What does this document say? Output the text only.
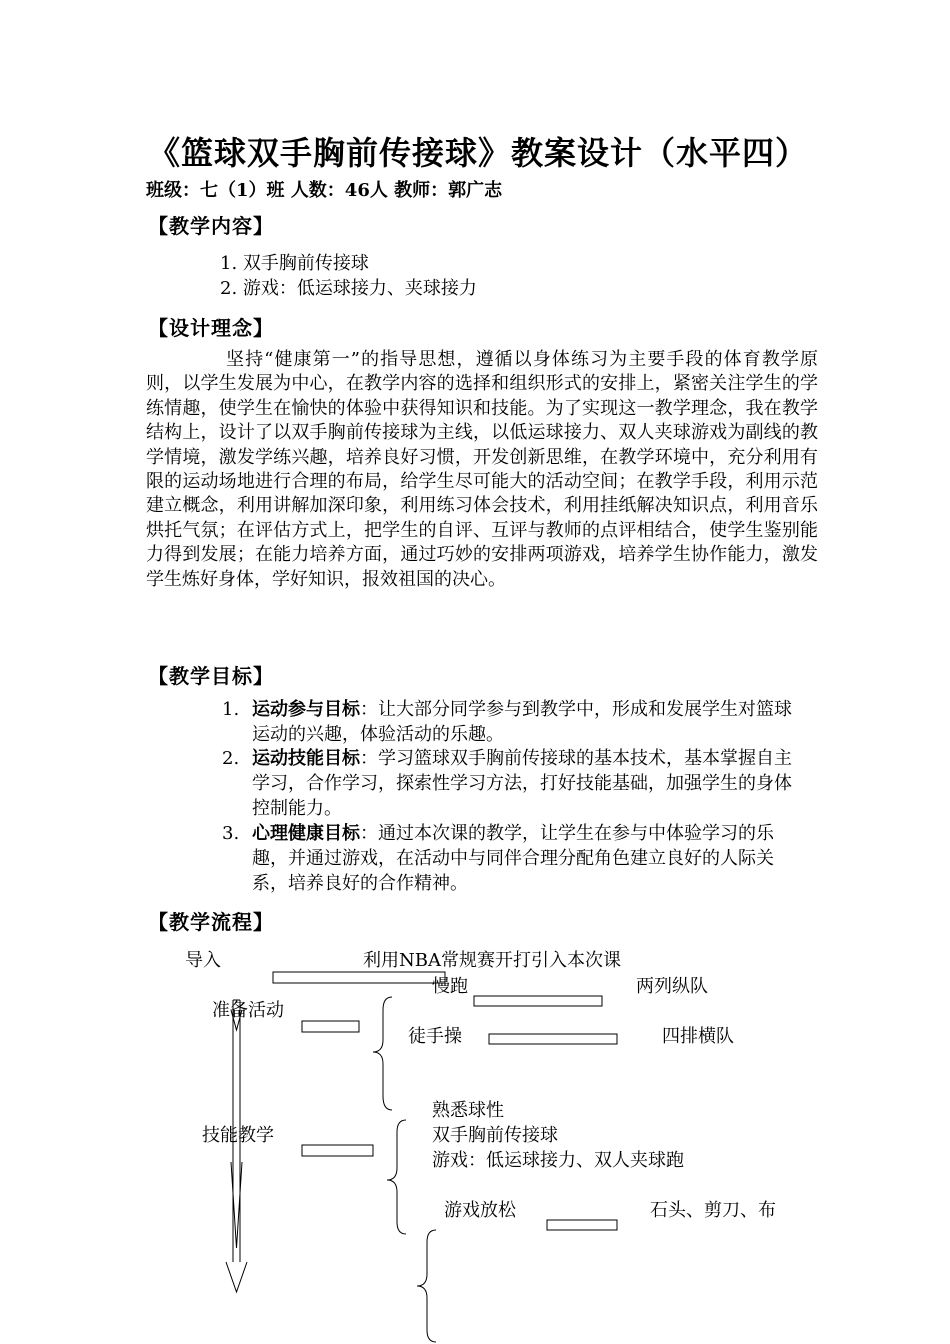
《篮球双手胸前传接球》教案设计（水平四）
班级：七（1）班 人数：46人 教师：郭广志
【教学内容】
1. 双手胸前传接球
2. 游戏：低运球接力、夹球接力
【设计理念】
坚持“健康第一”的指导思想，遵循以身体练习为主要手段的体育教学原则，以学生发展为中心，在教学内容的选择和组织形式的安排上，紧密关注学生的学练情趣，使学生在愉快的体验中获得知识和技能。为了实现这一教学理念，我在教学结构上，设计了以双手胸前传接球为主线，以低运球接力、双人夹球游戏为副线的教学情境，激发学练兴趣，培养良好习惯，开发创新思维，在教学环境中，充分利用有限的运动场地进行合理的布局，给学生尽可能大的活动空间；在教学手段，利用示范建立概念，利用讲解加深印象，利用练习体会技术，利用挂纸解决知识点，利用音乐烘托气氛；在评估方式上，把学生的自评、互评与教师的点评相结合，使学生鉴别能力得到发展；在能力培养方面，通过巧妙的安排两项游戏，培养学生协作能力，激发学生炼好身体，学好知识，报效祖国的决心。
【教学目标】
1. 运动参与目标：让大部分同学参与到教学中，形成和发展学生对篮球运动的兴趣，体验活动的乐趣。
2. 运动技能目标：学习篮球双手胸前传接球的基本技术，基本掌握自主学习，合作学习，探索性学习方法，打好技能基础，加强学生的身体控制能力。
3. 心理健康目标：通过本次课的教学，让学生在参与中体验学习的乐趣，并通过游戏，在活动中与同伴合理分配角色建立良好的人际关系，培养良好的合作精神。
【教学流程】
导入	利用NBA常规赛开打引入本次课
准备活动
慢跑	两列纵队
徒手操	四排横队
技能教学
熟悉球性
双手胸前传接球
游戏：低运球接力、双人夹球跑
游戏放松	石头、剪刀、布
